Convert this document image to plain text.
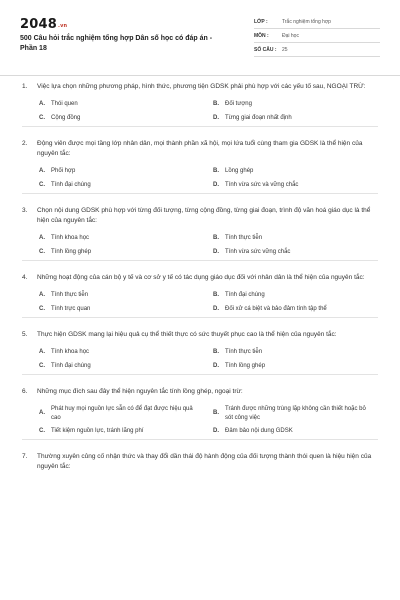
2048.vn
500 Câu hỏi trắc nghiệm tổng hợp Dân số học có đáp án - Phần 18
LỚP :	Trắc nghiệm tổng hợp
MÔN :	Đại học
SỐ CÂU : 25
1. Việc lựa chọn những phương pháp, hình thức, phương tiện GDSK phải phù hợp với các yếu tố sau, NGOẠI TRỪ:
A. Thói quen	B. Đối tượng
C. Cộng đồng	D. Từng giai đoạn nhất định
2. Động viên được mọi tầng lớp nhân dân, mọi thành phần xã hội, mọi lứa tuổi cùng tham gia GDSK là thể hiện của nguyên tắc:
A. Phối hợp	B. Lồng ghép
C. Tính đại chúng	D. Tính vừa sức và vững chắc
3. Chọn nội dung GDSK phù hợp với từng đối tượng, từng cộng đồng, từng giai đoạn, trình độ văn hoá giáo dục là thể hiện của nguyên tắc:
A. Tính khoa học	B. Tính thực tiễn
C. Tính lồng ghép	D. Tính vừa sức vững chắc
4. Những hoạt động của cán bộ y tế và cơ sở y tế có tác dụng giáo dục đối với nhân dân là thể hiện của nguyên tắc:
A. Tính thực tiễn	B. Tính đại chúng
C. Tính trực quan	D. Đối xử cá biệt và bảo đảm tính tập thể
5. Thực hiện GDSK mang lại hiệu quả cụ thể thiết thực có sức thuyết phục cao là thể hiện của nguyên tắc:
A. Tính khoa học	B. Tính thực tiễn
C. Tính đại chúng	D. Tính lồng ghép
6. Những mục đích sau đây thể hiện nguyên tắc tính lồng ghép, ngoại trừ:
A.
Phát huy mọi nguồn lực sẵn có để đạt được hiệu quả cao
B.
Tránh được những trùng lặp không cần thiết hoặc bỏ sót công việc
C. Tiết kiệm nguồn lực, tránh lãng phí	D. Đảm bảo nội dung GDSK
7. Thường xuyên củng cố nhận thức và thay đổi dần thái độ hành động của đối tượng thành thói quen là hiệu hiện của nguyên tắc:
